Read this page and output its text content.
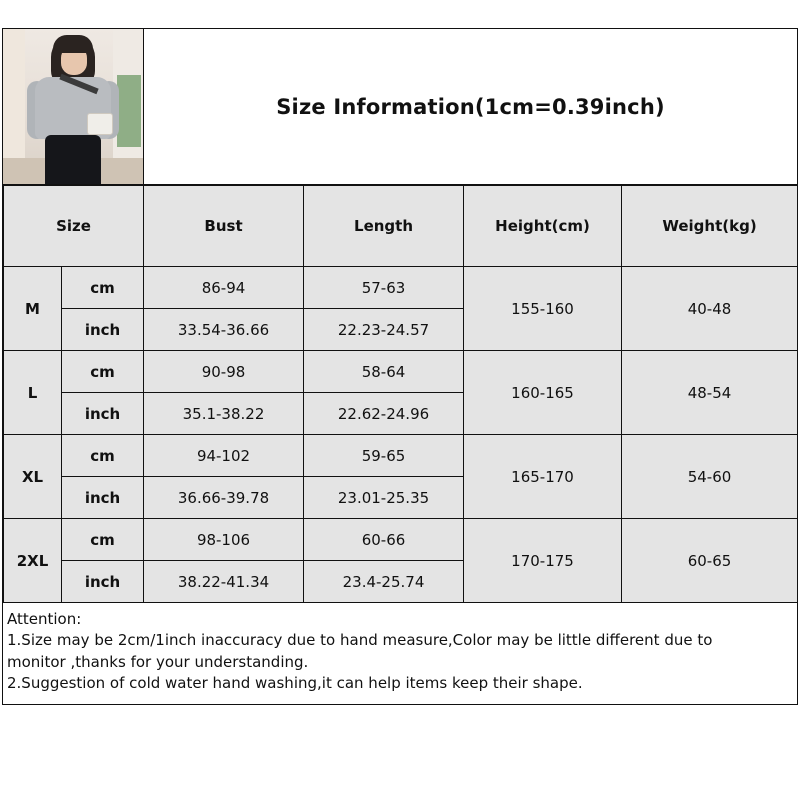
Size Information(1cm=0.39inch)
Size		Bust	Length	Height(cm)	Weight(kg)
M	cm	86-94	57-63	155-160	40-48
	inch	33.54-36.66	22.23-24.57		
L	cm	90-98	58-64	160-165	48-54
	inch	35.1-38.22	22.62-24.96		
XL	cm	94-102	59-65	165-170	54-60
	inch	36.66-39.78	23.01-25.35		
2XL	cm	98-106	60-66	170-175	60-65
	inch	38.22-41.34	23.4-25.74		
Attention:
1.Size may be 2cm/1inch inaccuracy due to hand measure,Color may be little different due to
monitor ,thanks for your understanding.
2.Suggestion of cold water hand washing,it can help items keep their shape.
